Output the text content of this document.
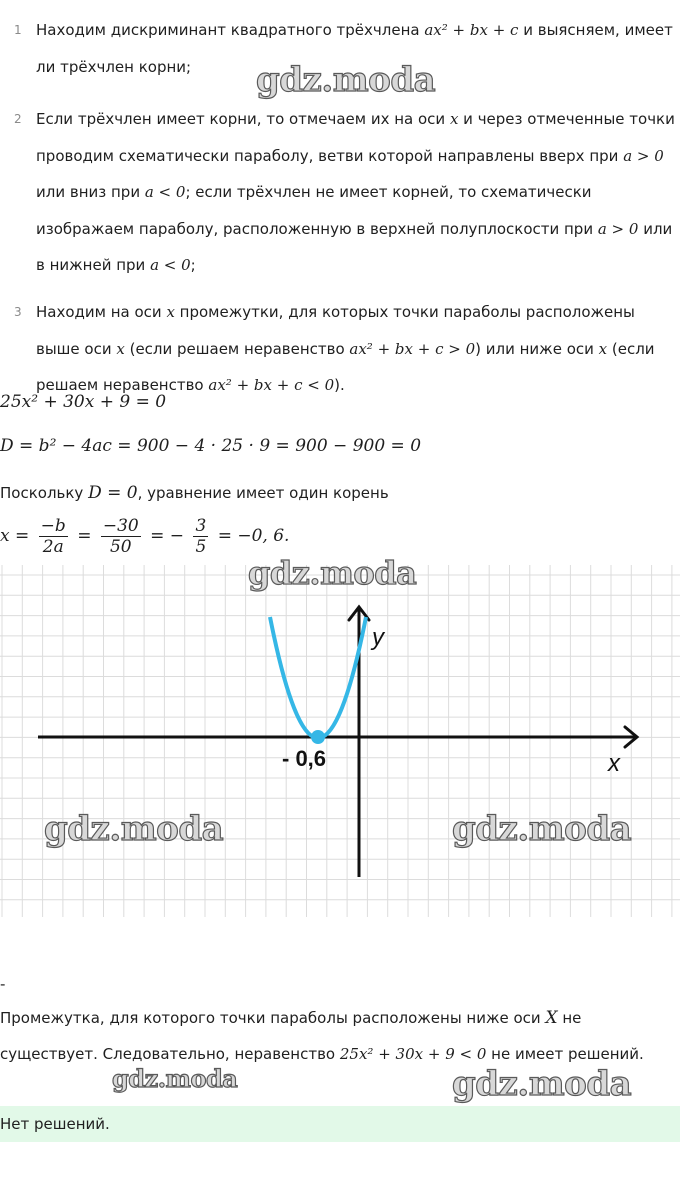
1 Находим дискриминант квадратного трёхчлена ax² + bx + c и выясняем, имеет ли трёхчлен корни;
2 Если трёхчлен имеет корни, то отмечаем их на оси x и через отмеченные точки проводим схематически параболу, ветви которой направлены вверх при a > 0 или вниз при a < 0; если трёхчлен не имеет корней, то схематически изображаем параболу, расположенную в верхней полуплоскости при a > 0 или в нижней при a < 0;
3 Находим на оси x промежутки, для которых точки параболы расположены выше оси x (если решаем неравенство ax² + bx + c > 0) или ниже оси x (если решаем неравенство ax² + bx + c < 0).
25x² + 30x + 9 = 0
D = b² − 4ac = 900 − 4 · 25 · 9 = 900 − 900 = 0
Поскольку D = 0, уравнение имеет один корень
$x = \frac{-b}{2a} = \frac{-30}{50}$ = − $\frac{3}{5} = -0$, 6.
x
y
- 0,6
-
Промежутка, для которого точки параболы расположены ниже оси X не существует. Следовательно, неравенство 25x² + 30x + 9 < 0 не имеет решений.
Нет решений.
gdz.moda
gdz.moda
gdz.moda	gdz.moda
gdz.moda	gdz.moda
